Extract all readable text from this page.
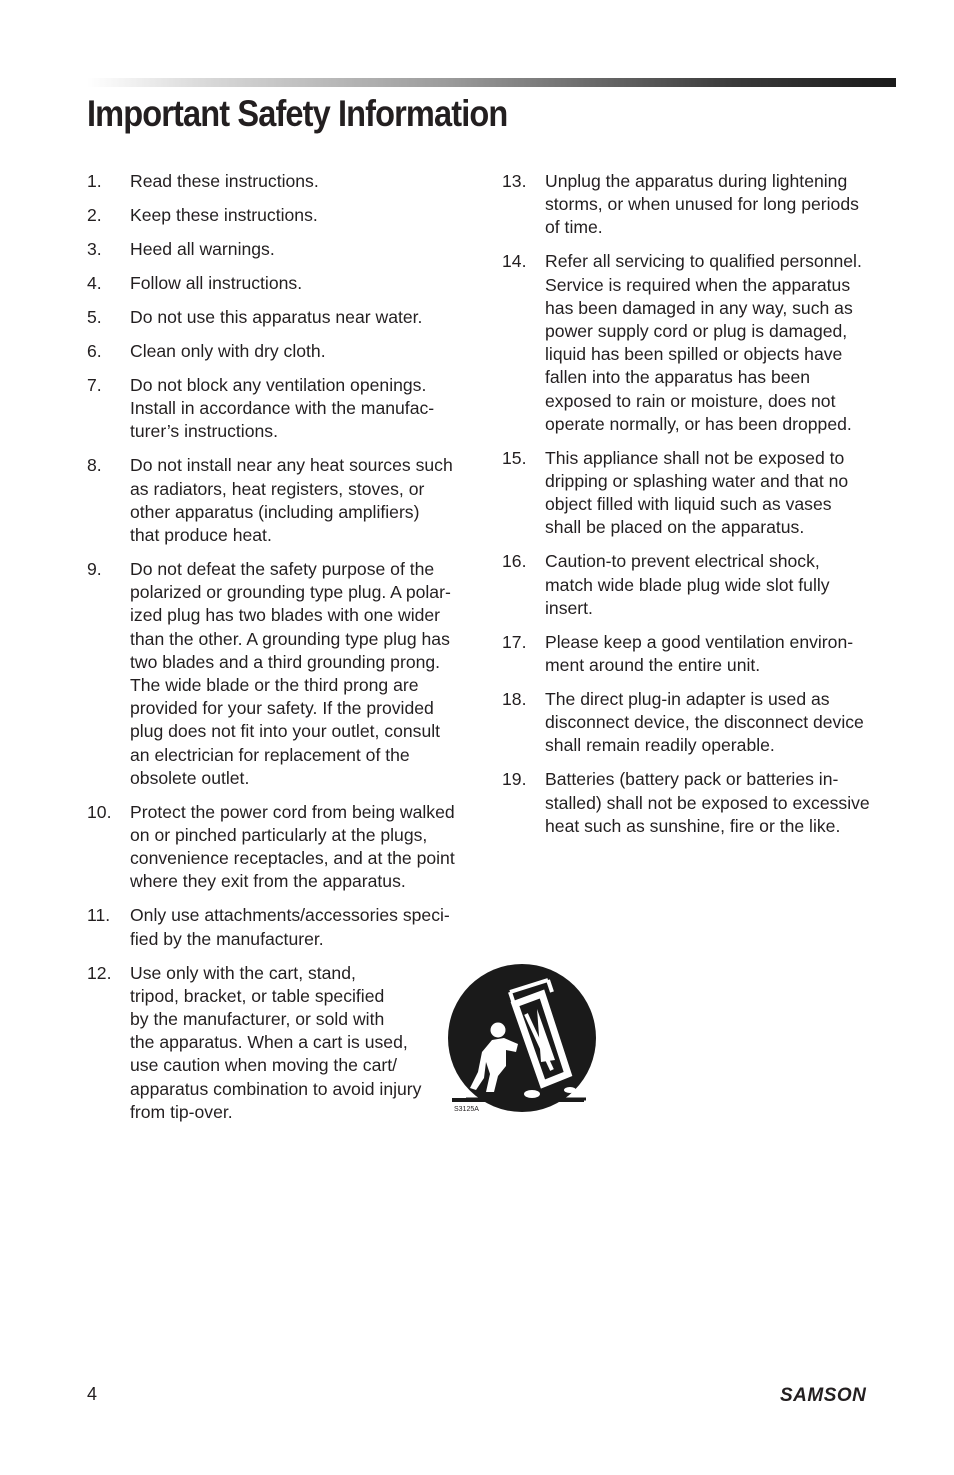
Important Safety Information
1. Read these instructions.
2. Keep these instructions.
3. Heed all warnings.
4. Follow all instructions.
5. Do not use this apparatus near water.
6. Clean only with dry cloth.
7. Do not block any ventilation openings.
Install in accordance with the manufac-
turer’s instructions.
8. Do not install near any heat sources such
as radiators, heat registers, stoves, or
other apparatus (including amplifiers)
that produce heat.
9. Do not defeat the safety purpose of the
polarized or grounding type plug. A polar-
ized plug has two blades with one wider
than the other. A grounding type plug has
two blades and a third grounding prong.
The wide blade or the third prong are
provided for your safety. If the provided
plug does not fit into your outlet, consult
an electrician for replacement of the
obsolete outlet.
10. Protect the power cord from being walked
on or pinched particularly at the plugs,
convenience receptacles, and at the point
where they exit from the apparatus.
11. Only use attachments/accessories speci-
fied by the manufacturer.
12. Use only with the cart, stand,
tripod, bracket, or table specified
by the manufacturer, or sold with
the apparatus. When a cart is used,
use caution when moving the cart/
apparatus combination to avoid injury
from tip-over.
13. Unplug the apparatus during lightening
storms, or when unused for long periods
of time.
14. Refer all servicing to qualified personnel.
Service is required when the apparatus
has been damaged in any way, such as
power supply cord or plug is damaged,
liquid has been spilled or objects have
fallen into the apparatus has been
exposed to rain or moisture, does not
operate normally, or has been dropped.
15. This appliance shall not be exposed to
dripping or splashing water and that no
object filled with liquid such as vases
shall be placed on the apparatus.
16. Caution-to prevent electrical shock,
match wide blade plug wide slot fully
insert.
17. Please keep a good ventilation environ-
ment around the entire unit.
18. The direct plug-in adapter is used as
disconnect device, the disconnect device
shall remain readily operable.
19. Batteries (battery pack or batteries in-
stalled) shall not be exposed to excessive
heat such as sunshine, fire or the like.
S3125A
4	SAMSON
